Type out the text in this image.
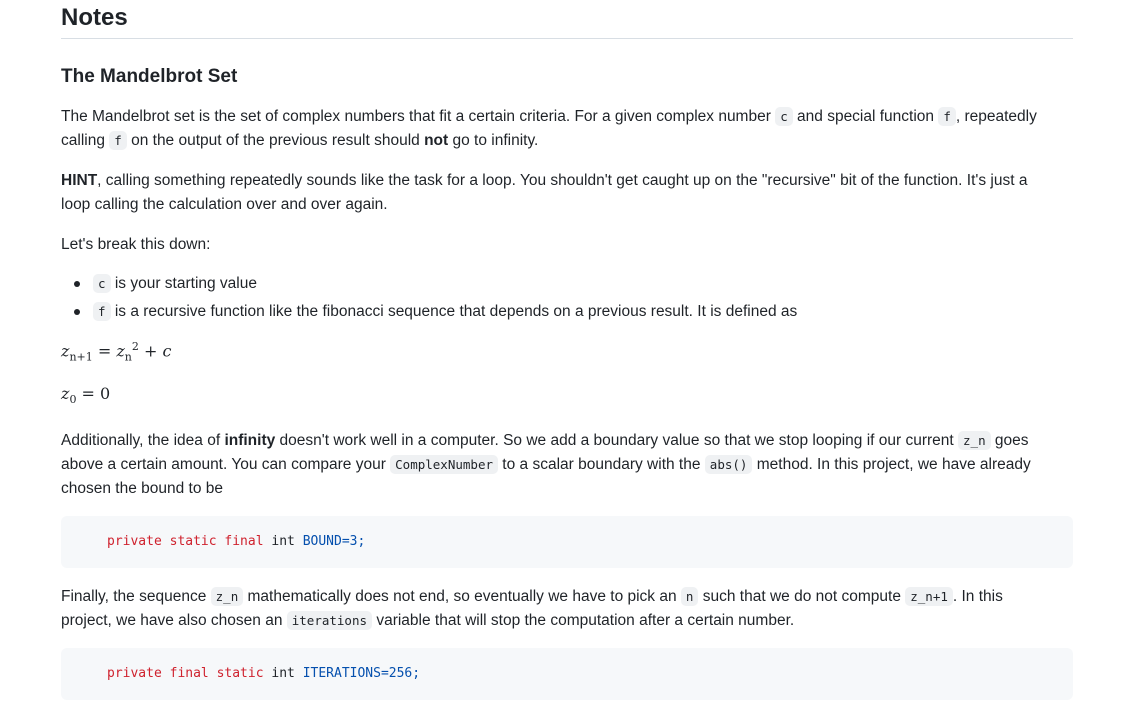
Notes
The Mandelbrot Set

The Mandelbrot set is the set of complex numbers that fit a certain criteria. For a given complex number c and special function f , repeatedly
calling f on the output of the previous result should not go to infinity.

HINT, calling something repeatedly sounds like the task for a loop. You shouldn't get caught up on the "recursive" bit of the function. It's just a
loop calling the calculation over and over again.

Let's break this down:

c is your starting value
f is a recursive function like the fibonacci sequence that depends on a previous result. It is defined as
$z_{n+1} = z_n^2 + c$
$z_0 = 0$

Additionally, the idea of infinity doesn't work well in a computer. So we add a boundary value so that we stop looping if our current z_n goes
above a certain amount. You can compare your ComplexNumber to a scalar boundary with the abs() method. In this project, we have already
chosen the bound to be

private static final int BOUND=3;

Finally, the sequence z_n mathematically does not end, so eventually we have to pick an n such that we do not compute z_n+1 . In this
project, we have also chosen an iterations variable that will stop the computation after a certain number.

private final static int ITERATIONS=256;
